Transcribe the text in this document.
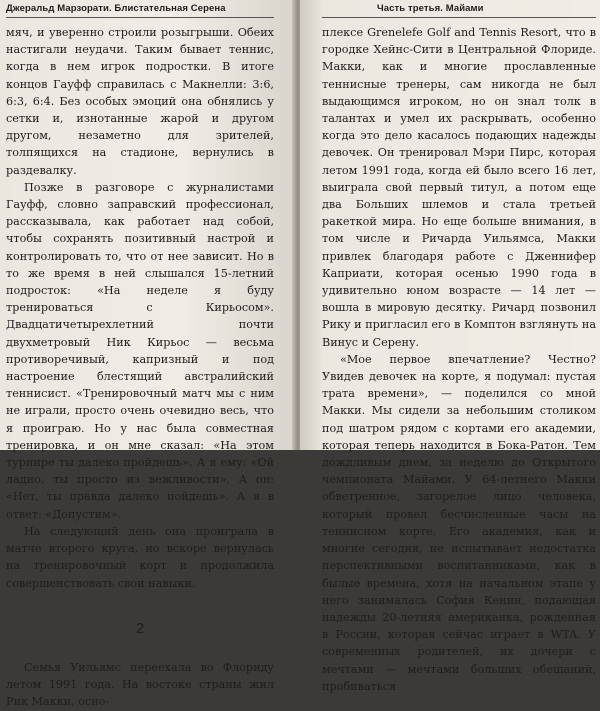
Джеральд Марзорати. Блистательная Серена

мяч, и уверенно строили розыгрыши. Обеих настигали неудачи. Таким бывает теннис, когда в нем игрок подростки. В итоге концов Гауфф справилась с Макнелли: 3:6, 6:3, 6:4. Без особых эмоций она обнялись у сетки и, изнотанные жарой и другом другом, незаметно для зрителей, толпящихся на стадионе, вернулись в раздевалку.

Позже в разговоре с журналистами Гауфф, словно заправский профессионал, рассказывала, как работает над собой, чтобы сохранять позитивный настрой и контролировать то, что от нее зависит. Но в то же время в ней слышался 15-летний подросток: «На неделе я буду тренироваться с Кирьосом». Двадцатичетырехлетний почти двухметровый Ник Кирьос — весьма противоречивый, капризный и под настроение блестящий австралийский теннисист. «Тренировочный матч мы с ним не играли, просто очень очевидно весь, что я проиграю. Но у нас была совместная тренировка, и он мне сказал: «На этом турнире ты далеко пройдешь». А я ему: «Ой ладно, ты просто из вежливости». А он: «Нет, ты правда далеко пойдешь». А я в ответ: «Допустим».

На следующий день она проиграла в матче второго круга, но вскоре вернулась на тренировочный корт и продолжила совершенствовать свои навыки.

2

Семья Уильямс переехала во Флориду летом 1991 года. На востоке страны жил Рик Макки, осно-

Часть третья. Майами

плексе Grenelefe Golf and Tennis Resort, что в городке Хейнс-Сити в Центральной Флориде. Макки, как и многие прославленные теннисные тренеры, сам никогда не был выдающимся игроком, но он знал толк в талантах и умел их раскрывать, особенно когда это дело касалось подающих надежды девочек. Он тренировал Мэри Пирс, которая летом 1991 года, когда ей было всего 16 лет, выиграла свой первый титул, а потом еще два Больших шлемов и стала третьей ракеткой мира. Но еще больше внимания, в том числе и Ричарда Уильямса, Макки привлек благодаря работе с Дженнифер Каприати, которая осенью 1990 года в удивительно юном возрасте — 14 лет — вошла в мировую десятку. Ричард позвонил Рику и пригласил его в Комптон взглянуть на Винус и Серену.

«Мое первое впечатление? Честно? Увидев девочек на корте, я подумал: пустая трата времени», — поделился со мной Макки. Мы сидели за небольшим столиком под шатром рядом с кортами его академии, которая теперь находится в Бока-Ратон. Тем дождливым днем, за неделю до Открытого чемпионата Майами. У 64-летнего Макки обветренное, загорелое лицо человека, который провел бесчисленные часы на теннисном корте. Его академия, как и многие сегодня, не испытывает недостатка перспективными воспитанниками, как в былые времена, хотя на начальном этапе у него занималась София Кенин, подающая надежды 20-летняя американка, рожденная в России, которая сейчас играет в WTA. У современных родителей, их дочери с мечтами — мечтами больших обещаний, пробиваться
